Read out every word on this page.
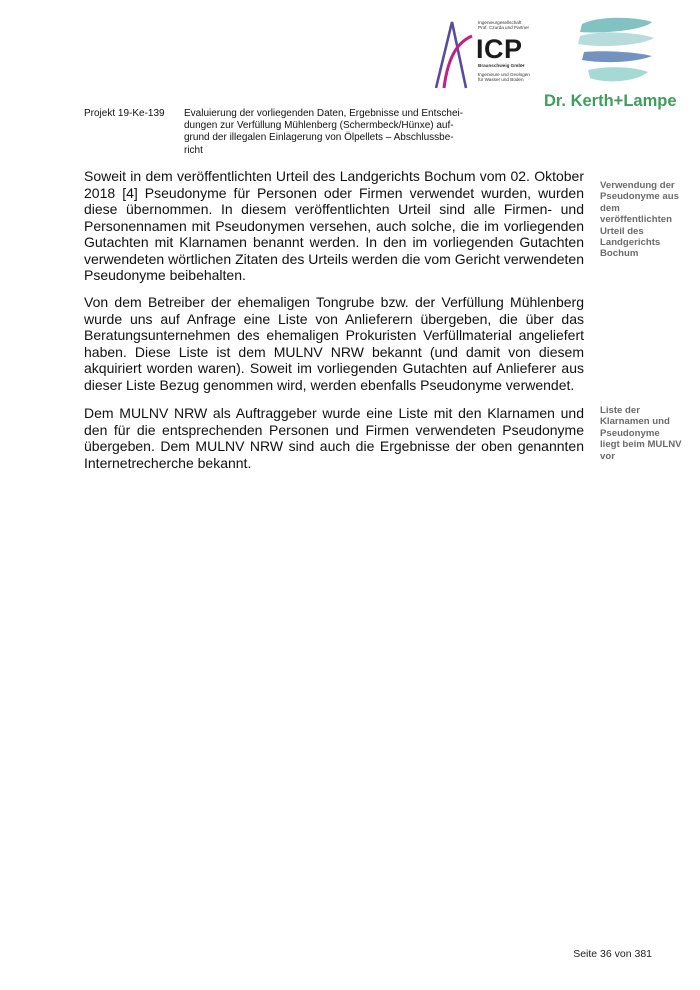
Ingenieurgesellschaft
Prof. Czurda und Partner
ICP
Braunschweig GmbH
Ingenieure und Geologen
für Wasser und Boden
Dr. Kerth+Lampe
Projekt 19-Ke-139 Evaluierung der vorliegenden Daten, Ergebnisse und Entschei-
dungen zur Verfüllung Mühlenberg (Schermbeck/Hünxe) auf-
grund der illegalen Einlagerung von Ölpellets – Abschlussbe-
richt

Soweit in dem veröffentlichten Urteil des Landgerichts Bochum vom 02. Oktober 2018 [4] Pseudonyme für Personen oder Firmen verwendet wurden, wurden diese übernommen. In diesem veröffentlichten Urteil sind alle Firmen- und Personennamen mit Pseudonymen versehen, auch solche, die im vorliegenden Gutachten mit Klarnamen benannt werden. In den im vorliegenden Gutachten verwendeten wörtlichen Zitaten des Urteils werden die vom Gericht verwendeten Pseudonyme beibehalten.

Von dem Betreiber der ehemaligen Tongrube bzw. der Verfüllung Mühlenberg wurde uns auf Anfrage eine Liste von Anlieferern übergeben, die über das Beratungsunternehmen des ehemaligen Prokuristen Verfüllmaterial angeliefert haben. Diese Liste ist dem MULNV NRW bekannt (und damit von diesem akquiriert worden waren). Soweit im vorliegenden Gutachten auf Anlieferer aus dieser Liste Bezug genommen wird, werden ebenfalls Pseudonyme verwendet.

Dem MULNV NRW als Auftraggeber wurde eine Liste mit den Klarnamen und den für die entsprechenden Personen und Firmen verwendeten Pseudonyme übergeben. Dem MULNV NRW sind auch die Ergebnisse der oben genannten Internetrecherche bekannt.

Verwendung der Pseudonyme aus dem veröffentlichten Urteil des Landgerichts Bochum
Liste der Klarnamen und Pseudonyme liegt beim MULNV vor
Seite 36 von 381
